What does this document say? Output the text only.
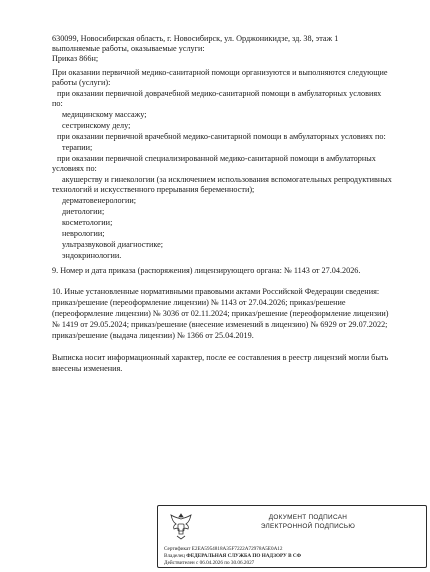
630099, Новосибирская область, г. Новосибирск, ул. Орджоникидзе, зд. 38, этаж 1
выполняемые работы, оказываемые услуги:
Приказ 866н;
При оказании первичной медико-санитарной помощи организуются и выполняются следующие
работы (услуги):
при оказании первичной доврачебной медико-санитарной помощи в амбулаторных условиях
по:
медицинскому массажу;
сестринскому делу;
при оказании первичной врачебной медико-санитарной помощи в амбулаторных условиях по:
терапии;
при оказании первичной специализированной медико-санитарной помощи в амбулаторных
условиях по:
акушерству и гинекологии (за исключением использования вспомогательных репродуктивных
технологий и искусственного прерывания беременности);
дерматовенерологии;
диетологии;
косметологии;
неврологии;
ультразвуковой диагностике;
эндокринологии.
9. Номер и дата приказа (распоряжения) лицензирующего органа: № 1143 от 27.04.2026.
10. Иные установленные нормативными правовыми актами Российской Федерации сведения:
приказ/решение (переоформление лицензии) № 1143 от 27.04.2026; приказ/решение
(переоформление лицензии) № 3036 от 02.11.2024; приказ/решение (переоформление лицензии)
№ 1419 от 29.05.2024; приказ/решение (внесение изменений в лицензию) № 6929 от 29.07.2022;
приказ/решение (выдача лицензии) № 1366 от 25.04.2019.
Выписка носит информационный характер, после ее составления в реестр лицензий могли быть
внесены изменения.
ДОКУМЕНТ ПОДПИСАН
ЭЛЕКТРОННОЙ ПОДПИСЬЮ
Сертификат E2EA5954818A35F7222A72978A5E0A12
Владелец ФЕДЕРАЛЬНАЯ СЛУЖБА ПО НАДЗОРУ В СФ
Действителен с 06.04.2026 по 30.06.2027
